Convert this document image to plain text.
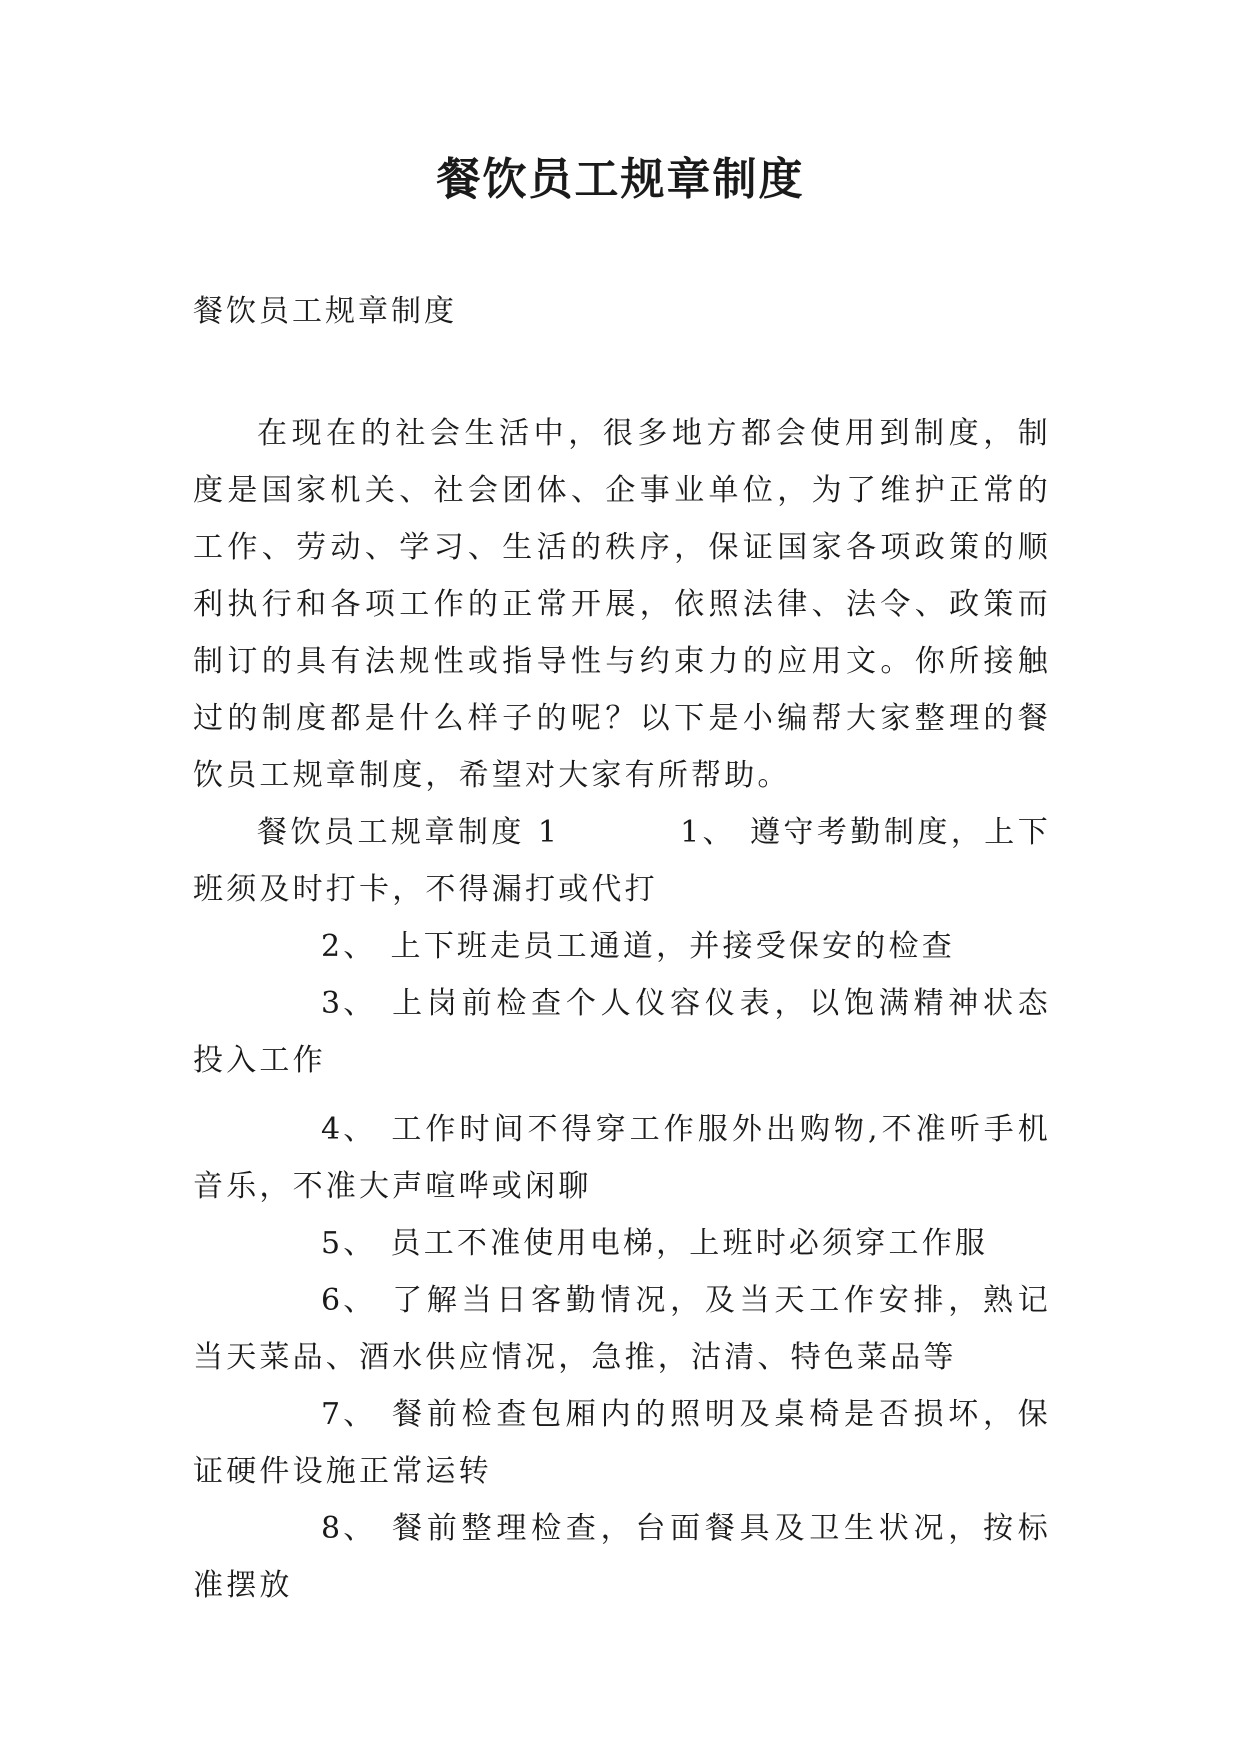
餐饮员工规章制度

餐饮员工规章制度

在现在的社会生活中，很多地方都会使用到制度，制度是国家机关、社会团体、企事业单位，为了维护正常的工作、劳动、学习、生活的秩序，保证国家各项政策的顺利执行和各项工作的正常开展，依照法律、法令、政策而制订的具有法规性或指导性与约束力的应用文。你所接触过的制度都是什么样子的呢？以下是小编帮大家整理的餐饮员工规章制度，希望对大家有所帮助。

餐饮员工规章制度 1	1、 遵守考勤制度，上下班须及时打卡，不得漏打或代打

2、 上下班走员工通道，并接受保安的检查

3、 上岗前检查个人仪容仪表，以饱满精神状态投入工作

4、 工作时间不得穿工作服外出购物,不准听手机音乐，不准大声喧哗或闲聊

5、 员工不准使用电梯，上班时必须穿工作服

6、 了解当日客勤情况，及当天工作安排，熟记当天菜品、酒水供应情况，急推，沽清、特色菜品等

7、 餐前检查包厢内的照明及桌椅是否损坏，保证硬件设施正常运转

8、 餐前整理检查，台面餐具及卫生状况，按标准摆放
